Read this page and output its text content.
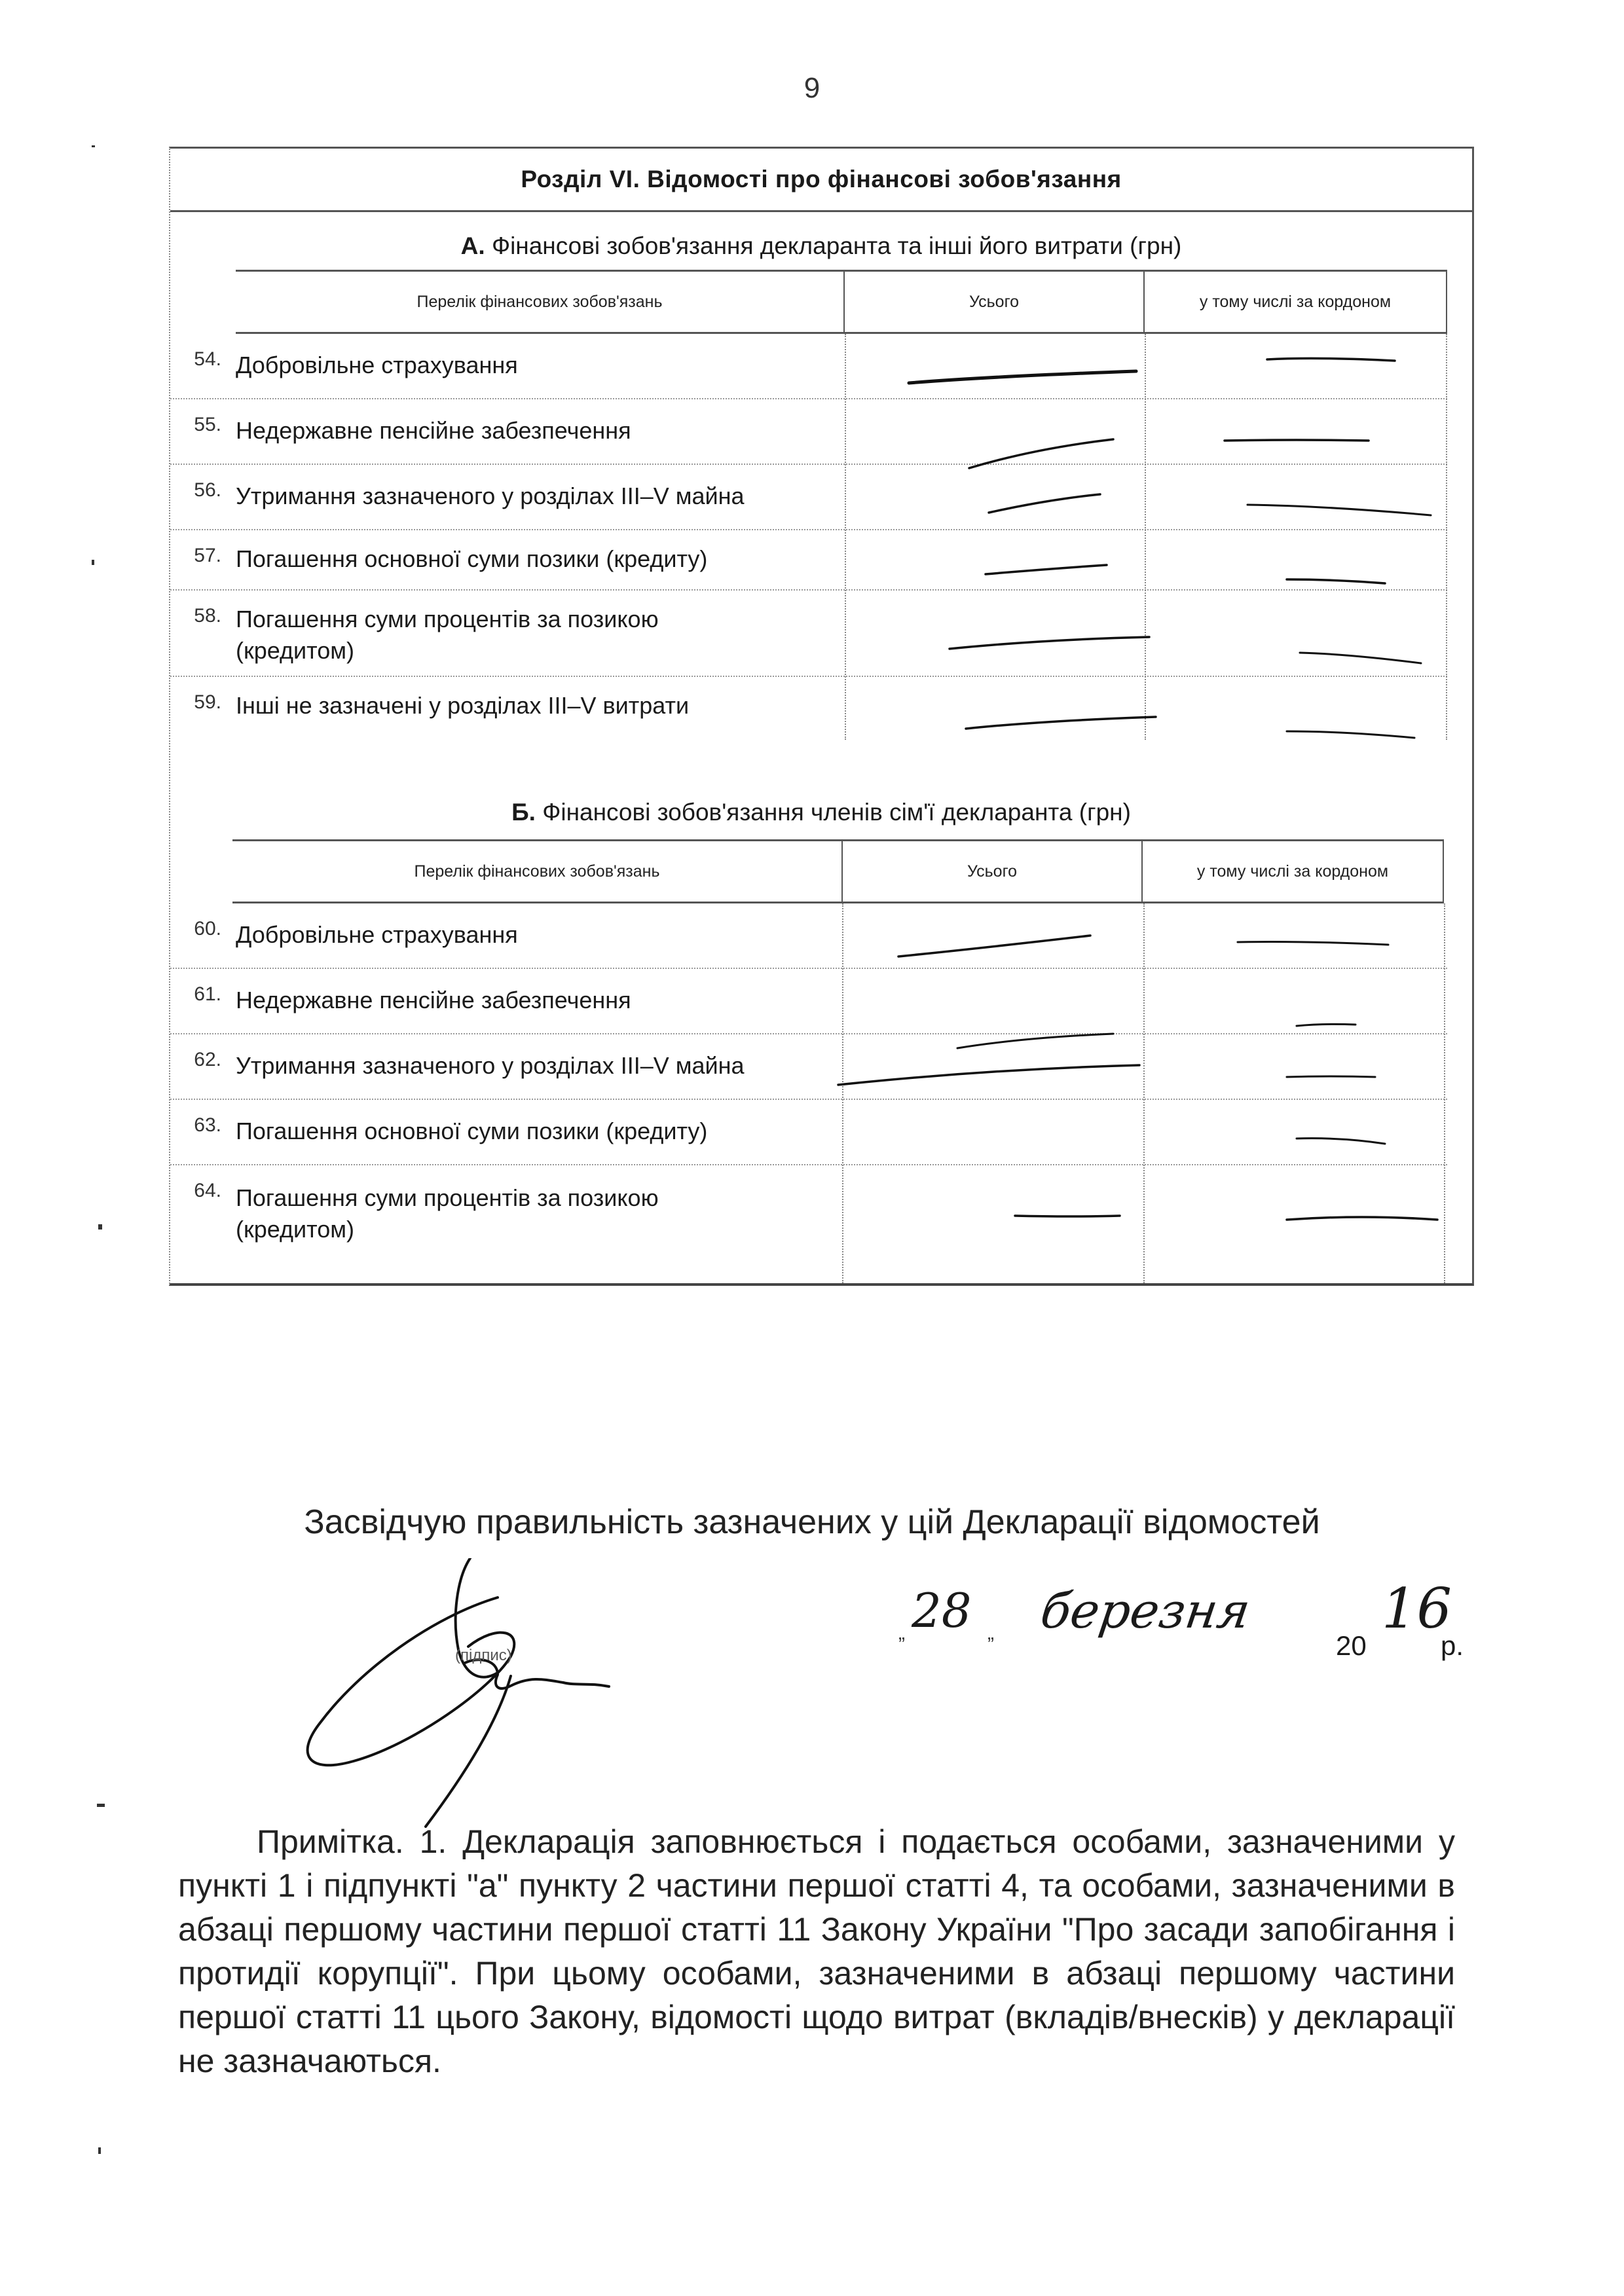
9
Розділ VI. Відомості про фінансові зобов'язання
А. Фінансові зобов'язання декларанта та інші його витрати (грн)
Перелік фінансових зобов'язань	Усього	у тому числі за кордоном
54. Добровільне страхування
55. Недержавне пенсійне забезпечення
56. Утримання зазначеного у розділах III–V майна
57. Погашення основної суми позики (кредиту)
58. Погашення суми процентів за позикою (кредитом)
59. Інші не зазначені у розділах III–V витрати
Б. Фінансові зобов'язання членів сім'ї декларанта (грн)
Перелік фінансових зобов'язань	Усього	у тому числі за кордоном
60. Добровільне страхування
61. Недержавне пенсійне забезпечення
62. Утримання зазначеного у розділах III–V майна
63. Погашення основної суми позики (кредиту)
64. Погашення суми процентів за позикою (кредитом)
Засвідчую правильність зазначених у цій Декларації відомостей
(підпис)
„ 28 „ березня
20
16
р.
Примітка. 1. Декларація заповнюється і подається особами, зазначеними у пункті 1 і підпункті "а" пункту 2 частини першої статті 4, та особами, зазначеними в абзаці першому частини першої статті 11 Закону України "Про засади запобігання і протидії корупції". При цьому особами, зазначеними в абзаці першому частини першої статті 11 цього Закону, відомості щодо витрат (вкладів/внесків) у декларації не зазначаються.
